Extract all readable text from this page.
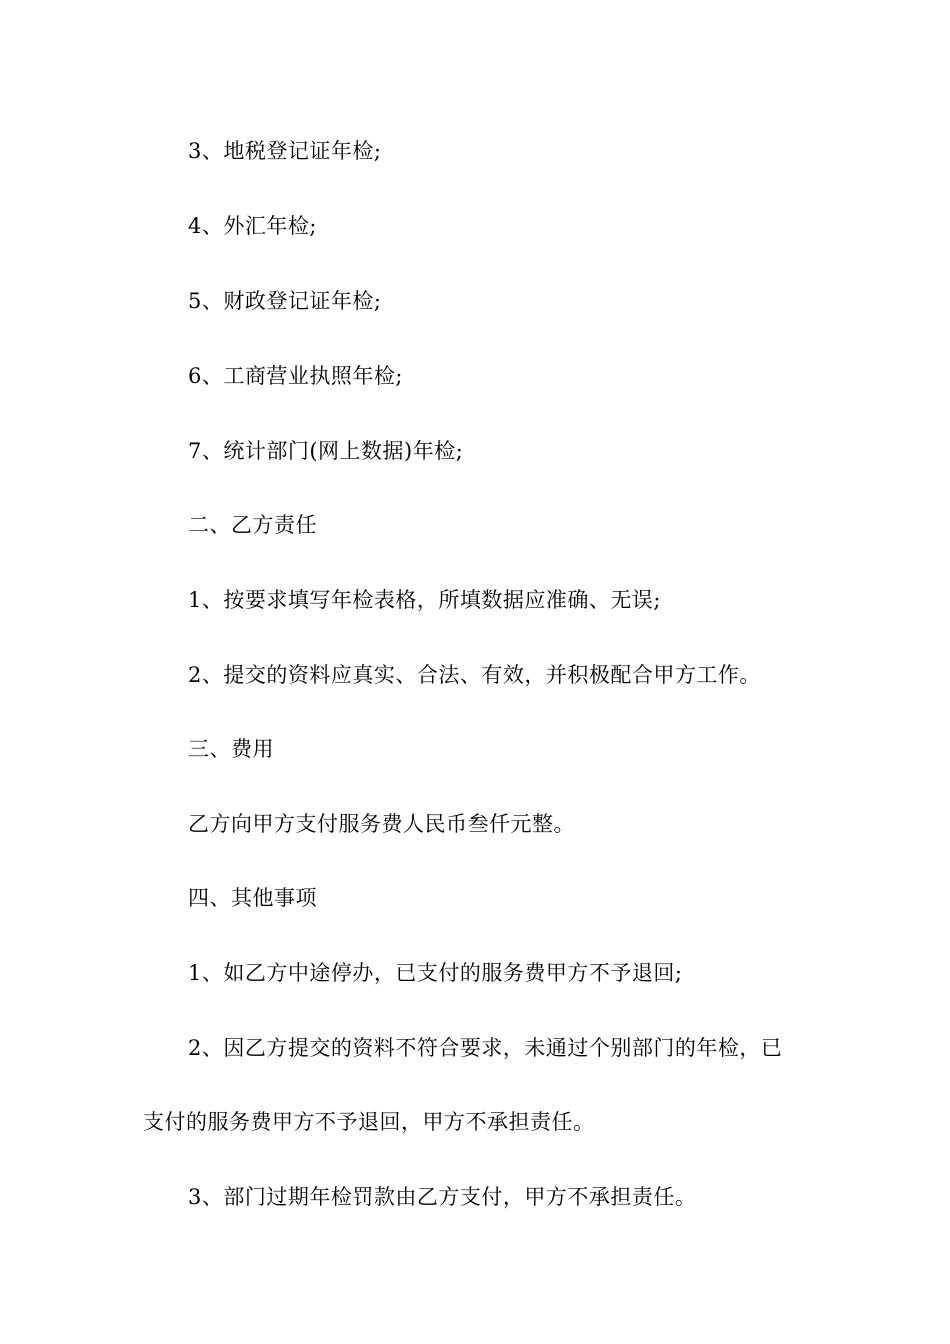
3、地税登记证年检;
4、外汇年检;
5、财政登记证年检;
6、工商营业执照年检;
7、统计部门(网上数据)年检;
二、乙方责任
1、按要求填写年检表格，所填数据应准确、无误;
2、提交的资料应真实、合法、有效，并积极配合甲方工作。
三、费用
乙方向甲方支付服务费人民币叁仟元整。
四、其他事项
1、如乙方中途停办，已支付的服务费甲方不予退回;
2、因乙方提交的资料不符合要求，未通过个别部门的年检，已
支付的服务费甲方不予退回，甲方不承担责任。
3、部门过期年检罚款由乙方支付，甲方不承担责任。
